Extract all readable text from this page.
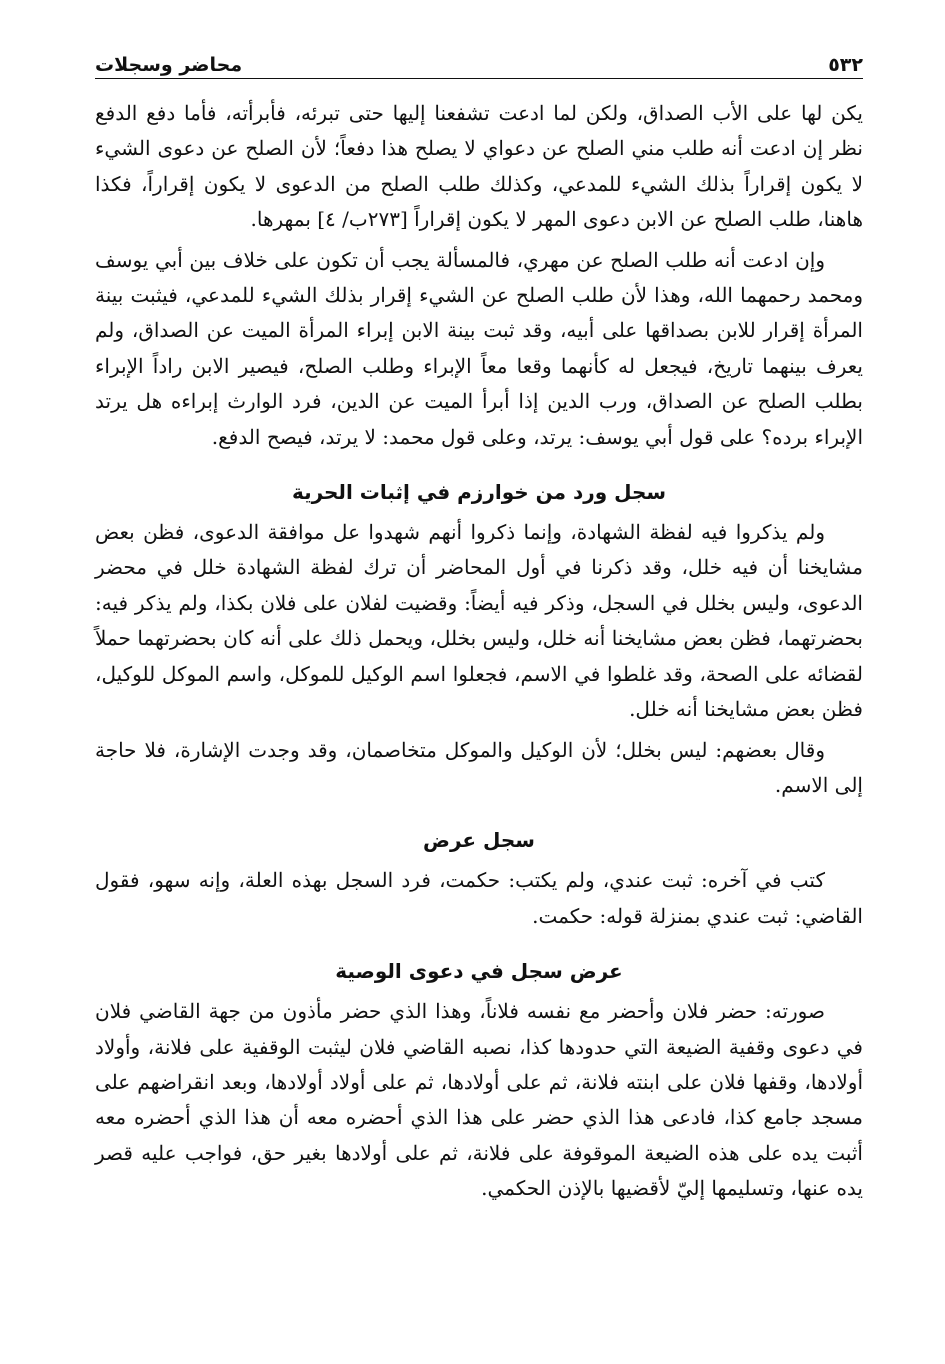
٥٣٢
محاضر وسجلات

يكن لها على الأب الصداق، ولكن لما ادعت تشفعنا إليها حتى تبرئه، فأبرأته، فأما دفع الدفع نظر إن ادعت أنه طلب مني الصلح عن دعواي لا يصلح هذا دفعاً؛ لأن الصلح عن دعوى الشيء لا يكون إقراراً بذلك الشيء للمدعي، وكذلك طلب الصلح من الدعوى لا يكون إقراراً، فكذا هاهنا، طلب الصلح عن الابن دعوى المهر لا يكون إقراراً [٢٧٣ب/ ٤] بمهرها.

وإن ادعت أنه طلب الصلح عن مهري، فالمسألة يجب أن تكون على خلاف بين أبي يوسف ومحمد رحمهما الله، وهذا لأن طلب الصلح عن الشيء إقرار بذلك الشيء للمدعي، فيثبت بينة المرأة إقرار للابن بصداقها على أبيه، وقد ثبت بينة الابن إبراء المرأة الميت عن الصداق، ولم يعرف بينهما تاريخ، فيجعل له كأنهما وقعا معاً الإبراء وطلب الصلح، فيصير الابن راداً الإبراء بطلب الصلح عن الصداق، ورب الدين إذا أبرأ الميت عن الدين، فرد الوارث إبراءه هل يرتد الإبراء برده؟ على قول أبي يوسف: يرتد، وعلى قول محمد: لا يرتد، فيصح الدفع.

سجل ورد من خوارزم في إثبات الحرية

ولم يذكروا فيه لفظة الشهادة، وإنما ذكروا أنهم شهدوا عل موافقة الدعوى، فظن بعض مشايخنا أن فيه خلل، وقد ذكرنا في أول المحاضر أن ترك لفظة الشهادة خلل في محضر الدعوى، وليس بخلل في السجل، وذكر فيه أيضاً: وقضيت لفلان على فلان بكذا، ولم يذكر فيه: بحضرتهما، فظن بعض مشايخنا أنه خلل، وليس بخلل، ويحمل ذلك على أنه كان بحضرتهما حملاً لقضائه على الصحة، وقد غلطوا في الاسم، فجعلوا اسم الوكيل للموكل، واسم الموكل للوكيل، فظن بعض مشايخنا أنه خلل.

وقال بعضهم: ليس بخلل؛ لأن الوكيل والموكل متخاصمان، وقد وجدت الإشارة، فلا حاجة إلى الاسم.

سجل عرض

كتب في آخره: ثبت عندي، ولم يكتب: حكمت، فرد السجل بهذه العلة، وإنه سهو، فقول القاضي: ثبت عندي بمنزلة قوله: حكمت.

عرض سجل في دعوى الوصية

صورته: حضر فلان وأحضر مع نفسه فلاناً، وهذا الذي حضر مأذون من جهة القاضي فلان في دعوى وقفية الضيعة التي حدودها كذا، نصبه القاضي فلان ليثبت الوقفية على فلانة، وأولاد أولادها، وقفها فلان على ابنته فلانة، ثم على أولادها، ثم على أولاد أولادها، وبعد انقراضهم على مسجد جامع كذا، فادعى هذا الذي حضر على هذا الذي أحضره معه أن هذا الذي أحضره معه أثبت يده على هذه الضيعة الموقوفة على فلانة، ثم على أولادها بغير حق، فواجب عليه قصر يده عنها، وتسليمها إليّ لأقضيها بالإذن الحكمي.
